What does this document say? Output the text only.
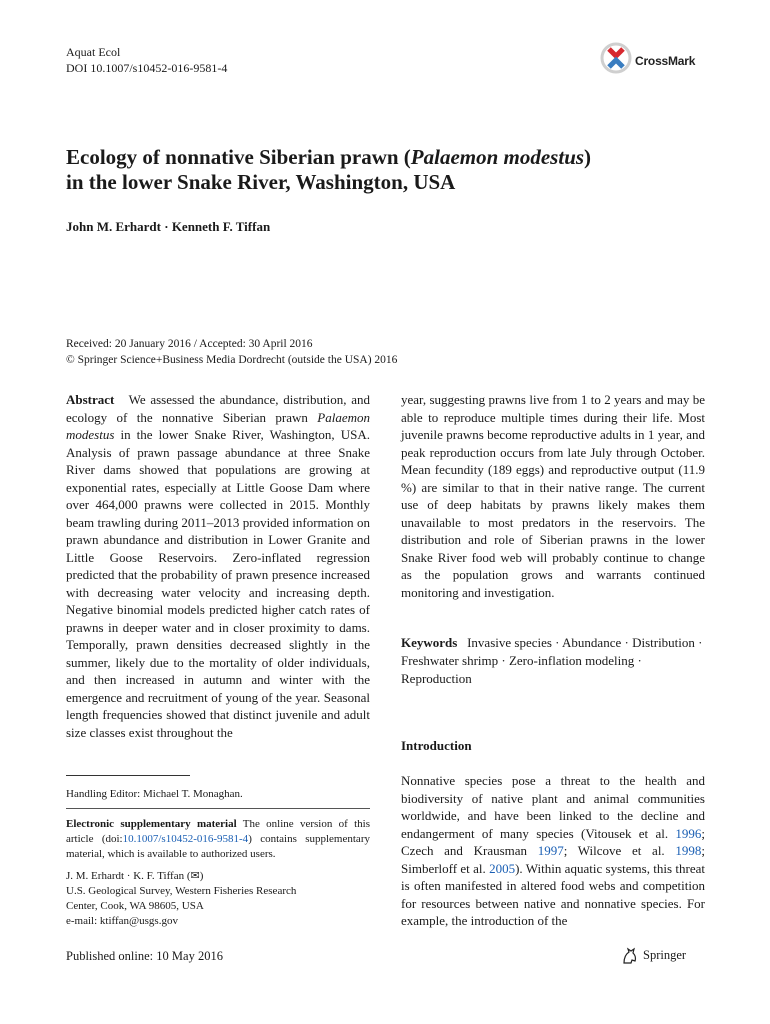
Aquat Ecol
DOI 10.1007/s10452-016-9581-4	CrossMark
Ecology of nonnative Siberian prawn (Palaemon modestus)
in the lower Snake River, Washington, USA
John M. Erhardt · Kenneth F. Tiffan
Received: 20 January 2016 / Accepted: 30 April 2016
© Springer Science+Business Media Dordrecht (outside the USA) 2016
Abstract We assessed the abundance, distribution, and ecology of the nonnative Siberian prawn Palaemon modestus in the lower Snake River, Washington, USA. Analysis of prawn passage abundance at three Snake River dams showed that populations are growing at exponential rates, especially at Little Goose Dam where over 464,000 prawns were collected in 2015. Monthly beam trawling during 2011–2013 provided information on prawn abundance and distribution in Lower Granite and Little Goose Reservoirs. Zero-inflated regression predicted that the probability of prawn presence increased with decreasing water velocity and increasing depth. Negative binomial models predicted higher catch rates of prawns in deeper water and in closer proximity to dams. Temporally, prawn densities decreased slightly in the summer, likely due to the mortality of older individuals, and then increased in autumn and winter with the emergence and recruitment of young of the year. Seasonal length frequencies showed that distinct juvenile and adult size classes exist throughout the
year, suggesting prawns live from 1 to 2 years and may be able to reproduce multiple times during their life. Most juvenile prawns become reproductive adults in 1 year, and peak reproduction occurs from late July through October. Mean fecundity (189 eggs) and reproductive output (11.9 %) are similar to that in their native range. The current use of deep habitats by prawns likely makes them unavailable to most predators in the reservoirs. The distribution and role of Siberian prawns in the lower Snake River food web will probably continue to change as the population grows and warrants continued monitoring and investigation.
Keywords Invasive species · Abundance · Distribution · Freshwater shrimp · Zero-inflation modeling · Reproduction
Introduction
Nonnative species pose a threat to the health and biodiversity of native plant and animal communities worldwide, and have been linked to the decline and endangerment of many species (Vitousek et al. 1996; Czech and Krausman 1997; Wilcove et al. 1998; Simberloff et al. 2005). Within aquatic systems, this threat is often manifested in altered food webs and competition for resources between native and nonnative species. For example, the introduction of the
Handling Editor: Michael T. Monaghan.
Electronic supplementary material The online version of this article (doi:10.1007/s10452-016-9581-4) contains supplementary material, which is available to authorized users.
J. M. Erhardt · K. F. Tiffan (✉)
U.S. Geological Survey, Western Fisheries Research
Center, Cook, WA 98605, USA
e-mail: ktiffan@usgs.gov
Published online: 10 May 2016	Springer
